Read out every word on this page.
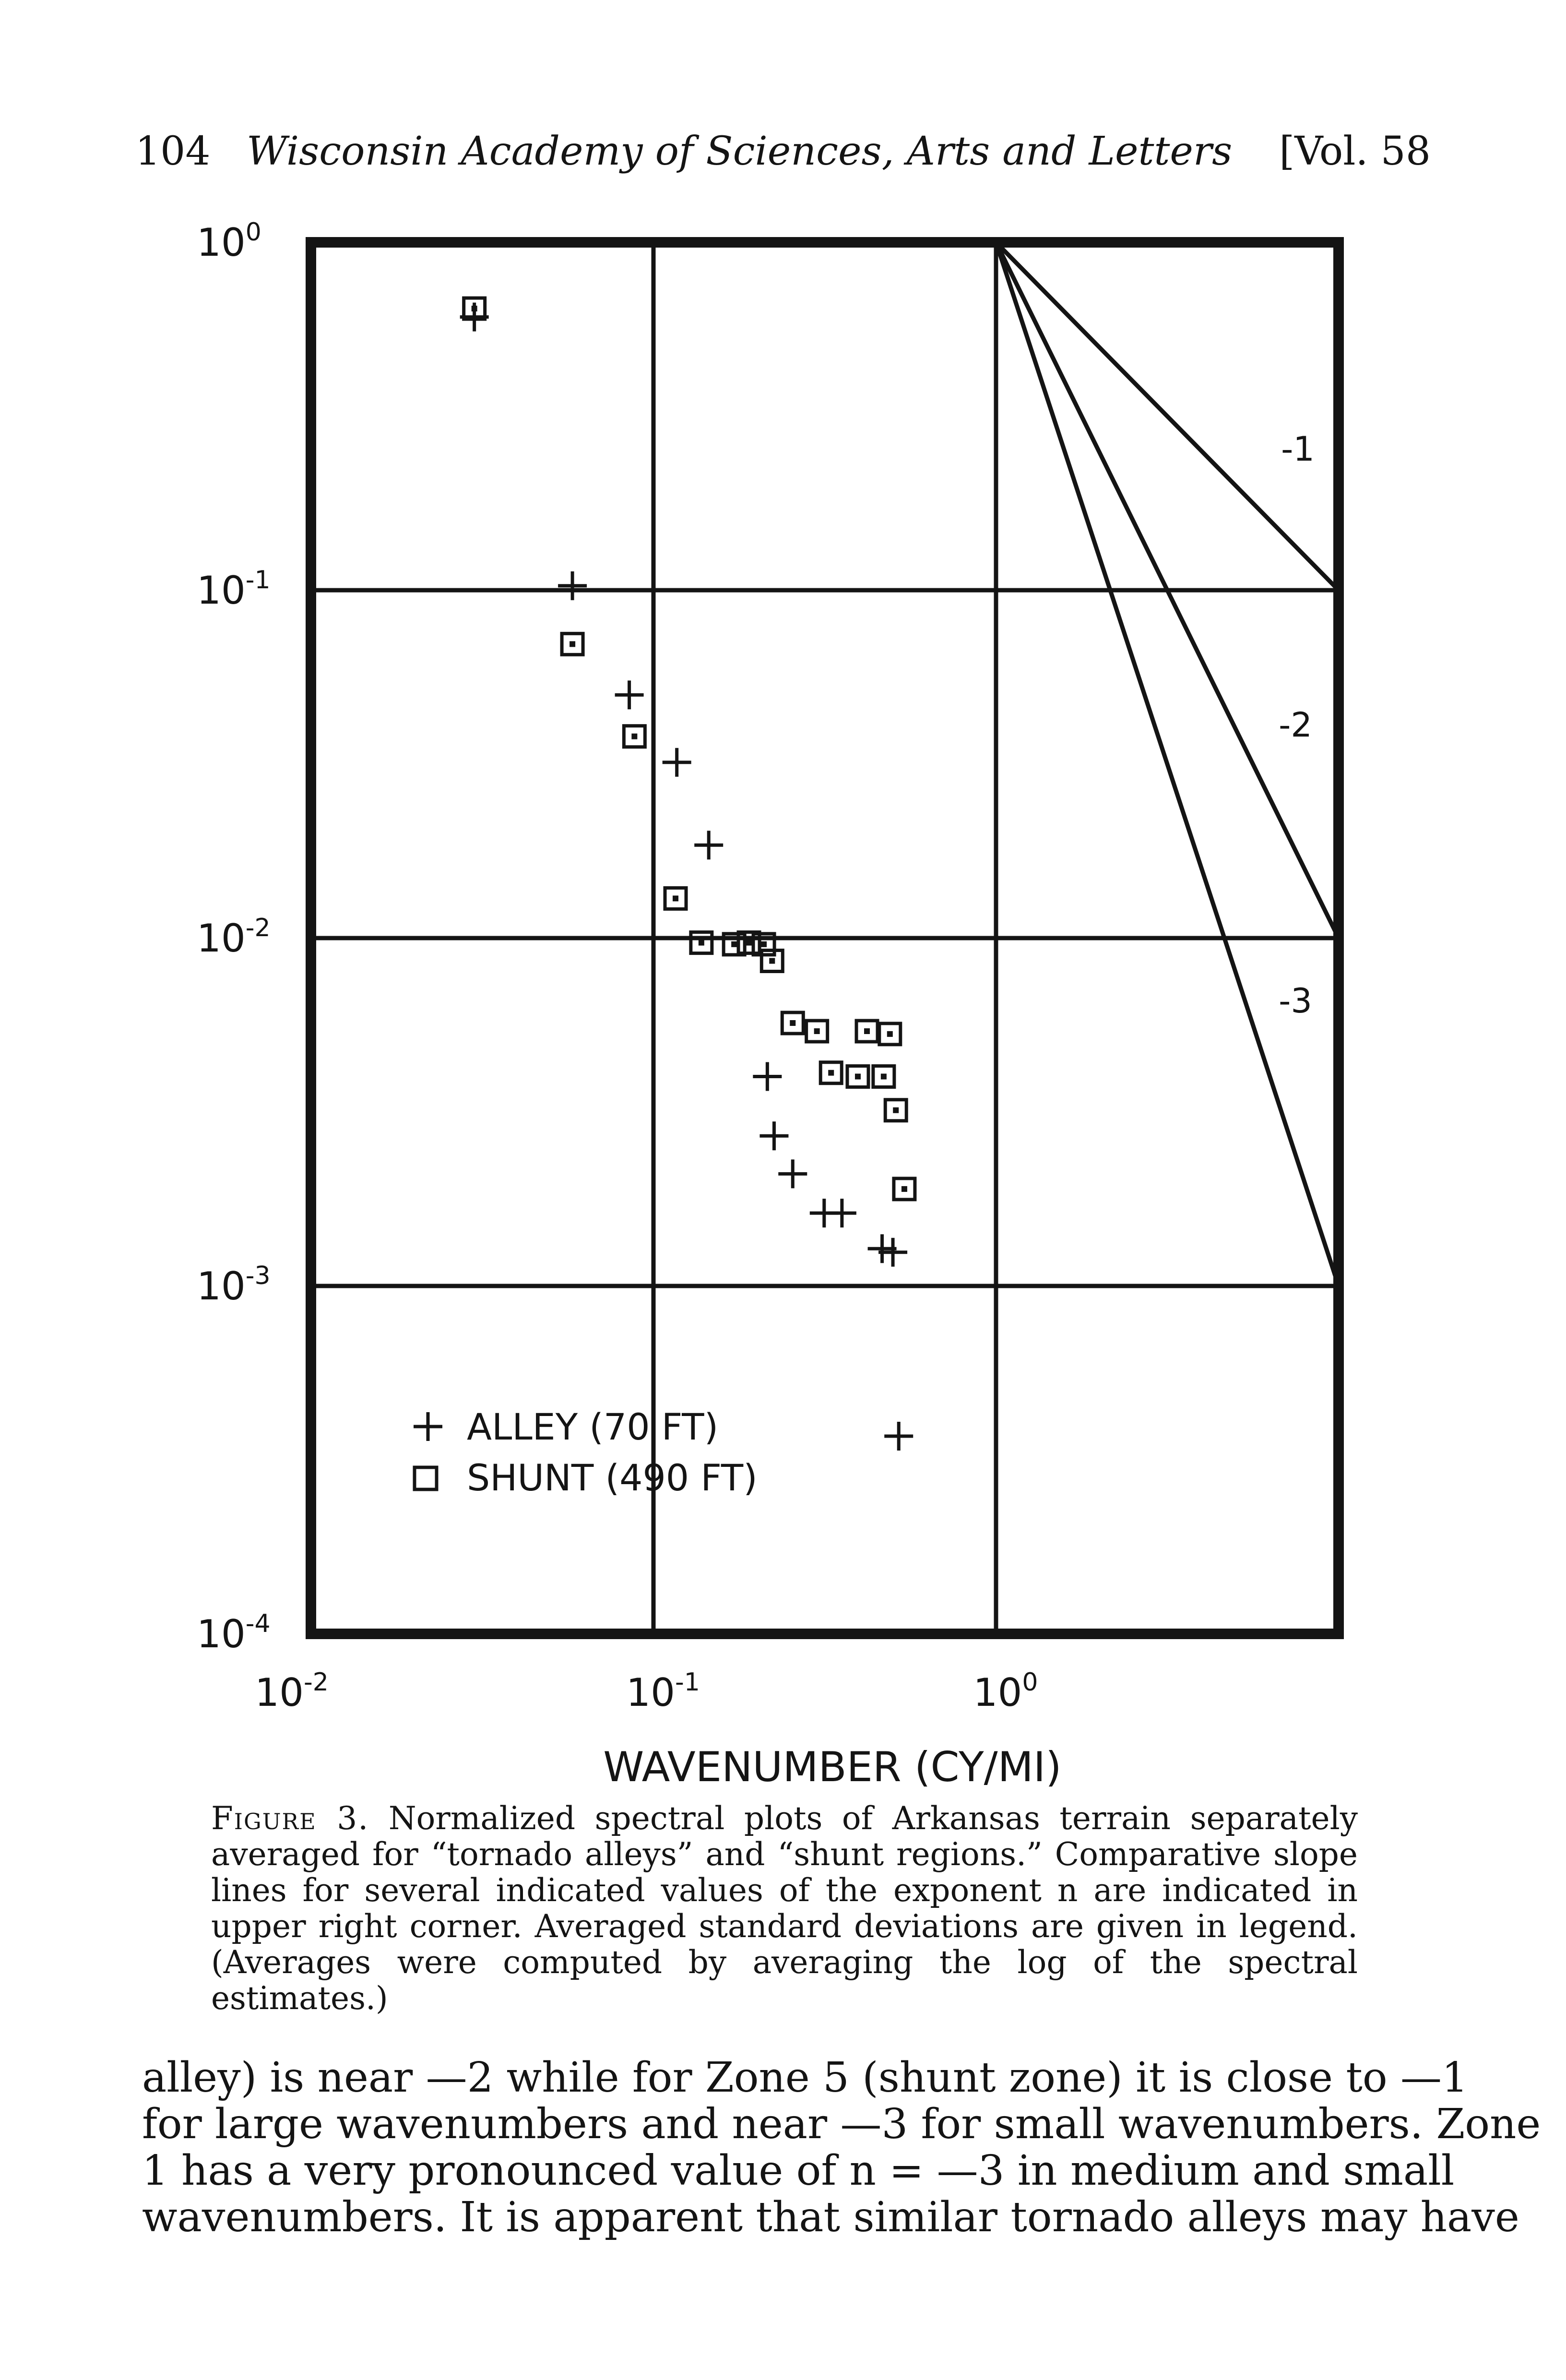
104 Wisconsin Academy of Sciences, Arts and Letters [Vol. 58
-1
-2
-3
$10^0$
$10^{-1}$
$10^{-2}$
$10^{-3}$
$10^{-4}$
$10^{-2}$	$10^{-1}$	$10^0$
ALLEY (70 FT)
SHUNT (490 FT)
WAVENUMBER (CY/MI)
Figure 3. Normalized spectral plots of Arkansas terrain separately averaged for “tornado alleys” and “shunt regions.” Comparative slope lines for several indicated values of the exponent n are indicated in upper right corner. Averaged standard deviations are given in legend. (Averages were computed by averaging the log of the spectral estimates.)
alley) is near —2 while for Zone 5 (shunt zone) it is close to —1
for large wavenumbers and near —3 for small wavenumbers. Zone
1 has a very pronounced value of n = —3 in medium and small
wavenumbers. It is apparent that similar tornado alleys may have
